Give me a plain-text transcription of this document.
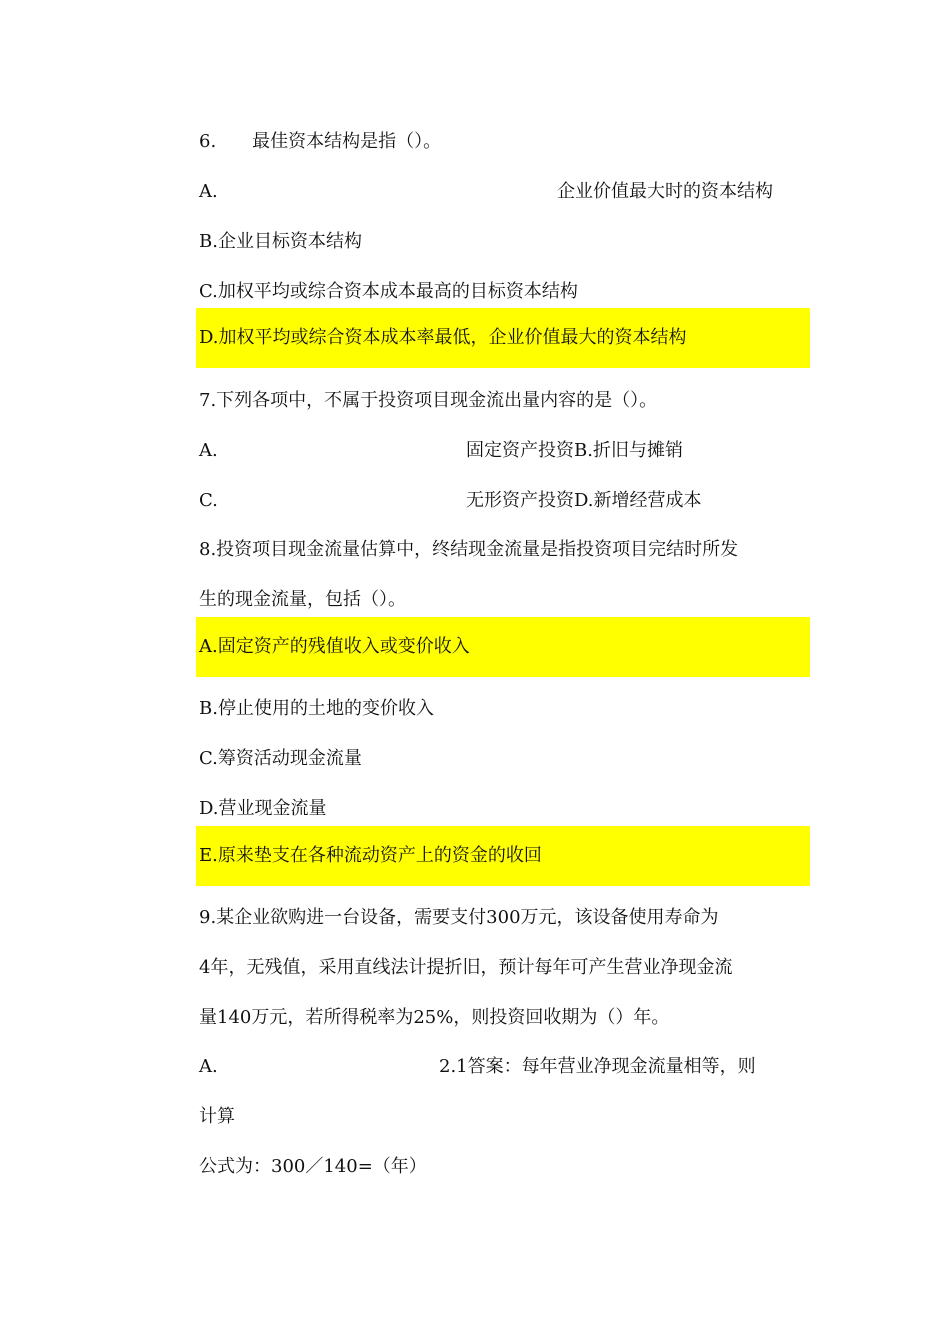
6.　　最佳资本结构是指（）。
A.	企业价值最大时的资本结构
B.企业目标资本结构
C.加权平均或综合资本成本最高的目标资本结构
D.加权平均或综合资本成本率最低，企业价值最大的资本结构
7.下列各项中，不属于投资项目现金流出量内容的是（）。
A.	固定资产投资B.折旧与摊销
C.	无形资产投资D.新增经营成本
8.投资项目现金流量估算中，终结现金流量是指投资项目完结时所发
生的现金流量，包括（）。
A.固定资产的残值收入或变价收入
B.停止使用的土地的变价收入
C.筹资活动现金流量
D.营业现金流量
E.原来垫支在各种流动资产上的资金的收回
9.某企业欲购进一台设备，需要支付300万元，该设备使用寿命为
4年，无残值，采用直线法计提折旧，预计每年可产生营业净现金流
量140万元，若所得税率为25%，则投资回收期为（）年。
A.	2.1答案：每年营业净现金流量相等，则
计算
公式为：300／140=（年）
